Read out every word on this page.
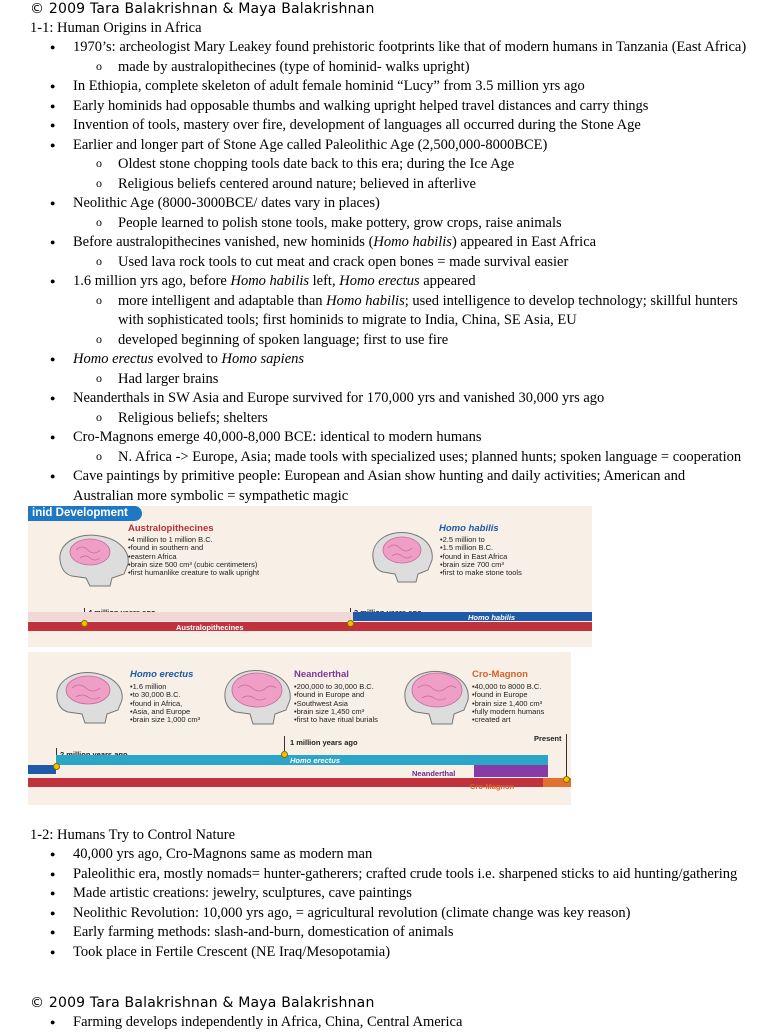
© 2009 Tara Balakrishnan & Maya Balakrishnan
1-1: Human Origins in Africa
● 1970’s: archeologist Mary Leakey found prehistoric footprints like that of modern humans in Tanzania (East Africa)
o made by australopithecines (type of hominid- walks upright)
● In Ethiopia, complete skeleton of adult female hominid “Lucy” from 3.5 million yrs ago
● Early hominids had opposable thumbs and walking upright helped travel distances and carry things
● Invention of tools, mastery over fire, development of languages all occurred during the Stone Age
● Earlier and longer part of Stone Age called Paleolithic Age (2,500,000-8000BCE)
o Oldest stone chopping tools date back to this era; during the Ice Age
o Religious beliefs centered around nature; believed in afterlive
● Neolithic Age (8000-3000BCE/ dates vary in places)
o People learned to polish stone tools, make pottery, grow crops, raise animals
● Before australopithecines vanished, new hominids (Homo habilis) appeared in East Africa
o Used lava rock tools to cut meat and crack open bones = made survival easier
● 1.6 million yrs ago, before Homo habilis left, Homo erectus appeared
o more intelligent and adaptable than Homo habilis; used intelligence to develop technology; skillful hunters with sophisticated tools; first hominids to migrate to India, China, SE Asia, EU
o developed beginning of spoken language; first to use fire
● Homo erectus evolved to Homo sapiens
o Had larger brains
● Neanderthals in SW Asia and Europe survived for 170,000 yrs and vanished 30,000 yrs ago
o Religious beliefs; shelters
● Cro-Magnons emerge 40,000-8,000 BCE: identical to modern humans
o N. Africa -> Europe, Asia; made tools with specialized uses; planned hunts; spoken language = cooperation
● Cave paintings by primitive people: European and Asian show hunting and daily activities; American and Australian more symbolic = sympathetic magic
inid Development
Australopithecines
• 4 million to 1 million B.C.
• found in southern and
• eastern Africa
• brain size 500 cm³ (cubic centimeters)
• first humanlike creature to walk upright
Homo habilis
• 2.5 million to
• 1.5 million B.C.
• found in East Africa
• brain size 700 cm³
• first to make stone tools
Homo habilis
Australopithecines
Homo erectus
• 1.6 million
• to 30,000 B.C.
• found in Africa,
• Asia, and Europe
• brain size 1,000 cm³
Neanderthal
• 200,000 to 30,000 B.C.
• found in Europe and
• Southwest Asia
• brain size 1,450 cm³
• first to have ritual burials
Cro-Magnon
• 40,000 to 8000 B.C.
• found in Europe
• brain size 1,400 cm³
• fully modern humans
• created art
1 million years ago	Present
Homo erectus
Neanderthal
Cro-Magnon
1-2: Humans Try to Control Nature
● 40,000 yrs ago, Cro-Magnons same as modern man
● Paleolithic era, mostly nomads= hunter-gatherers; crafted crude tools i.e. sharpened sticks to aid hunting/gathering
● Made artistic creations: jewelry, sculptures, cave paintings
● Neolithic Revolution: 10,000 yrs ago, = agricultural revolution (climate change was key reason)
● Early farming methods: slash-and-burn, domestication of animals
● Took place in Fertile Crescent (NE Iraq/Mesopotamia)
© 2009 Tara Balakrishnan & Maya Balakrishnan
● Farming develops independently in Africa, China, Central America
